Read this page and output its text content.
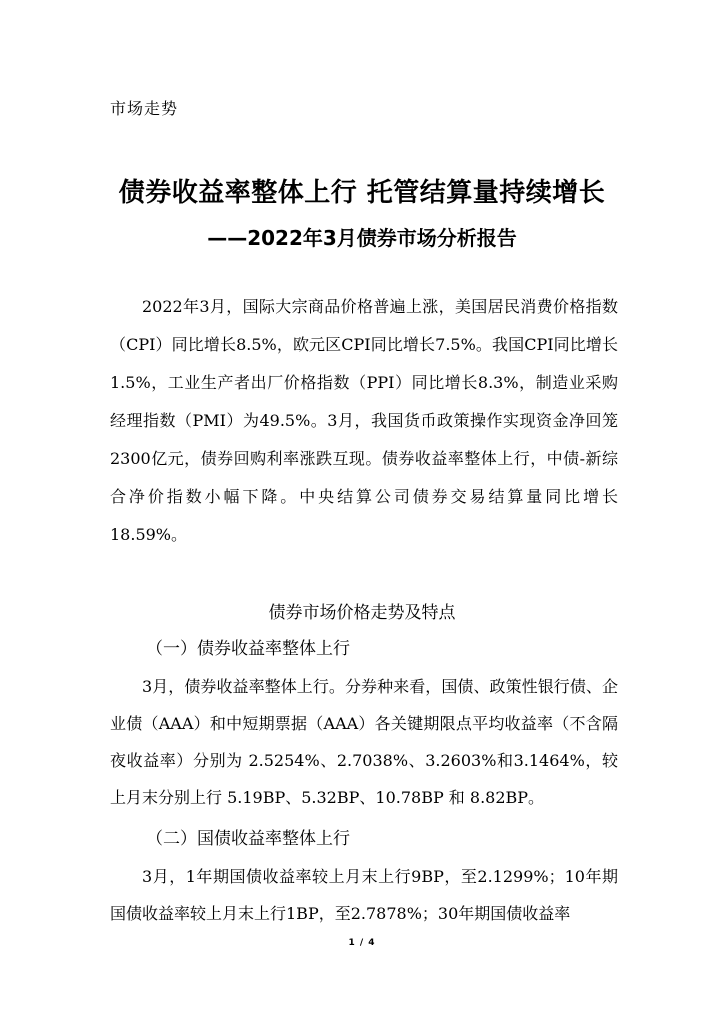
市场走势
债券收益率整体上行 托管结算量持续增长
——2022年3月债券市场分析报告
2022年3月，国际大宗商品价格普遍上涨，美国居民消费价格指数（CPI）同比增长8.5%，欧元区CPI同比增长7.5%。我国CPI同比增长1.5%，工业生产者出厂价格指数（PPI）同比增长8.3%，制造业采购经理指数（PMI）为49.5%。3月，我国货币政策操作实现资金净回笼2300亿元，债券回购利率涨跌互现。债券收益率整体上行，中债-新综合净价指数小幅下降。中央结算公司债券交易结算量同比增长18.59%。
债券市场价格走势及特点
（一）债券收益率整体上行
3月，债券收益率整体上行。分券种来看，国债、政策性银行债、企业债（AAA）和中短期票据（AAA）各关键期限点平均收益率（不含隔夜收益率）分别为 2.5254%、2.7038%、3.2603%和3.1464%，较上月末分别上行 5.19BP、5.32BP、10.78BP 和 8.82BP。
（二）国债收益率整体上行
3月，1年期国债收益率较上月末上行9BP，至2.1299%；10年期国债收益率较上月末上行1BP，至2.7878%；30年期国债收益率
1 / 4
